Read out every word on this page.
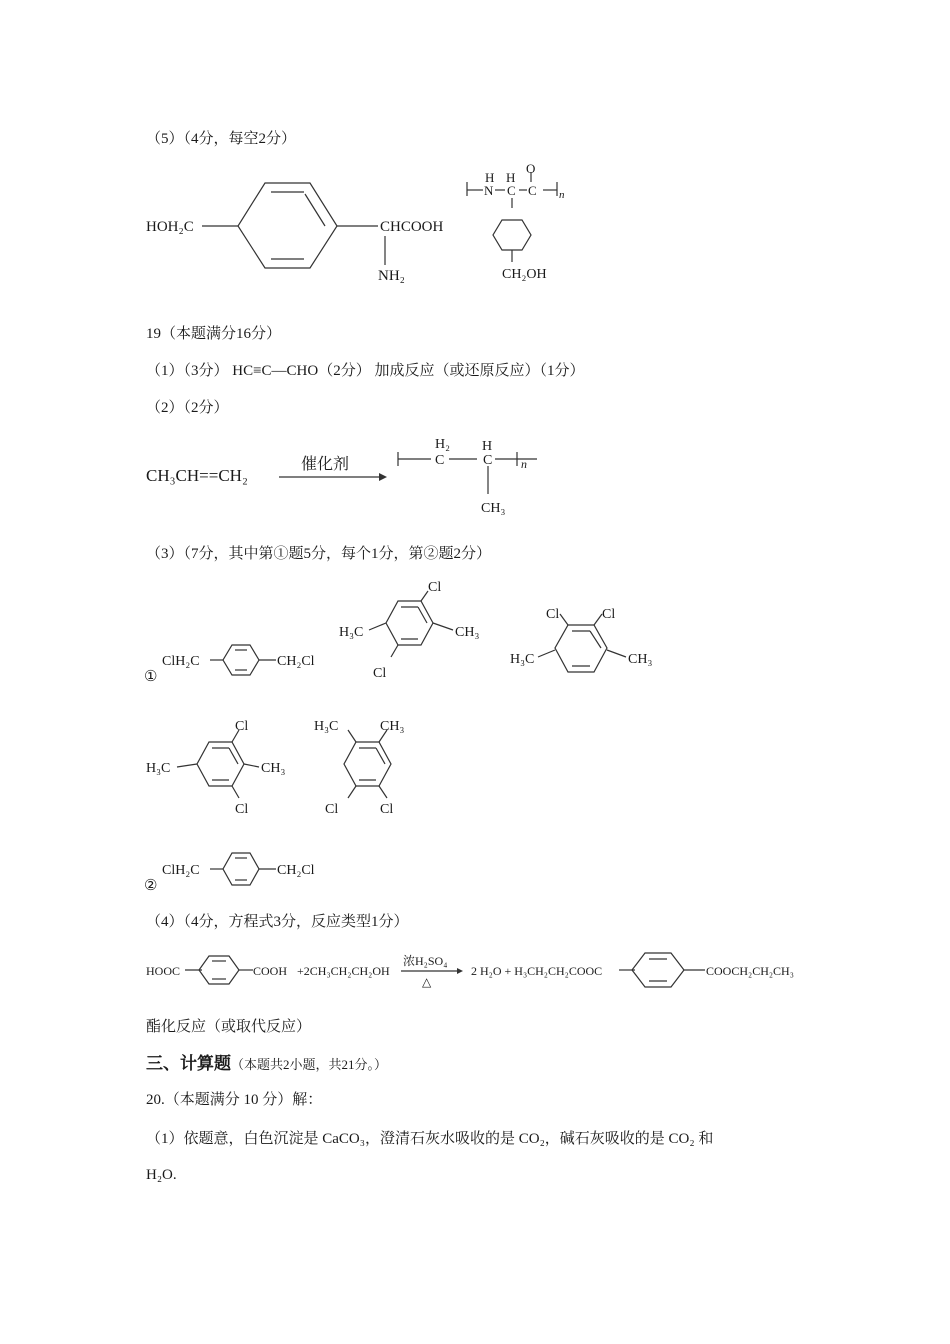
（5）（4分，每空2分）
HOH₂C	CHCOOH
NH₂
H H
O
N C C n
CH₂OH
19（本题满分16分）
（1）（3分） HC≡C—CHO（2分） 加成反应（或还原反应）（1分）
（2）（2分）
CH₃CH==CH₂
催化剂
H₂ H
C	C n
CH₃
（3）（7分，其中第①题5分，每个1分，第②题2分）
①
ClH₂C	CH₂Cl
Cl
H₃C	CH₃
Cl
Cl	Cl
H₃C	CH₃
Cl
H₃C	CH₃
Cl
H₃C	CH₃
Cl	Cl
②
ClH₂C	CH₂Cl
（4）（4分，方程式3分，反应类型1分）
HOOC	COOH +2CH₃CH₂CH₂OH
浓H₂SO₄
△
2 H₂O + H₃CH₂CH₂COOC	COOCH₂CH₂CH₃
酯化反应（或取代反应）
三、计算题（本题共2小题，共21分。）
20.（本题满分 10 分）解：
（1）依题意，白色沉淀是 CaCO₃，澄清石灰水吸收的是 CO₂，碱石灰吸收的是 CO₂ 和
H₂O.
